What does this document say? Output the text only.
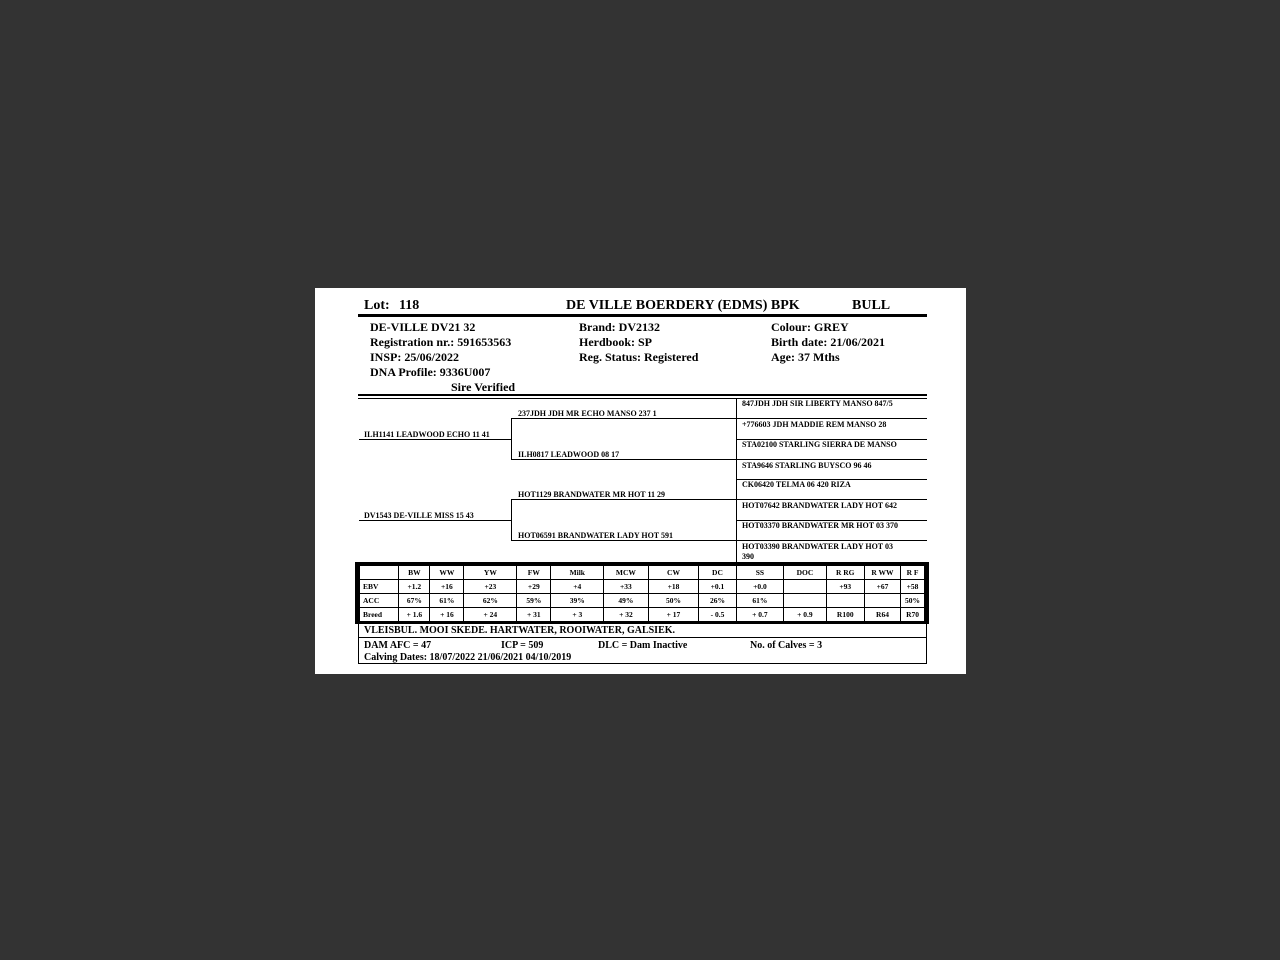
Lot: 118	DE VILLE BOERDERY (EDMS) BPK	BULL
DE-VILLE DV21 32
Registration nr.: 591653563
INSP: 25/06/2022
DNA Profile: 9336U007
Sire Verified
Brand: DV2132
Herdbook: SP
Reg. Status: Registered
Colour: GREY
Birth date: 21/06/2021
Age: 37 Mths
ILH1141 LEADWOOD ECHO 11 41
DV1543 DE-VILLE MISS 15 43
237JDH JDH MR ECHO MANSO 237 1
ILH0817 LEADWOOD 08 17
HOT1129 BRANDWATER MR HOT 11 29
HOT06591 BRANDWATER LADY HOT 591
847JDH JDH SIR LIBERTY MANSO 847/5
+776603 JDH MADDIE REM MANSO 28
STA02100 STARLING SIERRA DE MANSO
STA9646 STARLING BUYSCO 96 46
CK06420 TELMA 06 420 RIZA
HOT07642 BRANDWATER LADY HOT 642
HOT03370 BRANDWATER MR HOT 03 370
HOT03390 BRANDWATER LADY HOT 03
390
	BW	WW	YW	FW	Milk	MCW	CW	DC	SS	DOC	R RG	R WW	R F
EBV	+1.2	+16	+23	+29	+4	+33	+18	+0.1	+0.0		+93	+67	+58
ACC	67%	61%	62%	59%	39%	49%	50%	26%	61%				50%
Breed	+ 1.6	+ 16	+ 24	+ 31	+ 3	+ 32	+ 17	- 0.5	+ 0.7	+ 0.9	R100	R64	R70
VLEISBUL. MOOI SKEDE. HARTWATER, ROOIWATER, GALSIEK.
DAM AFC = 47	ICP = 509	DLC = Dam Inactive	No. of Calves = 3
Calving Dates: 18/07/2022 21/06/2021 04/10/2019
